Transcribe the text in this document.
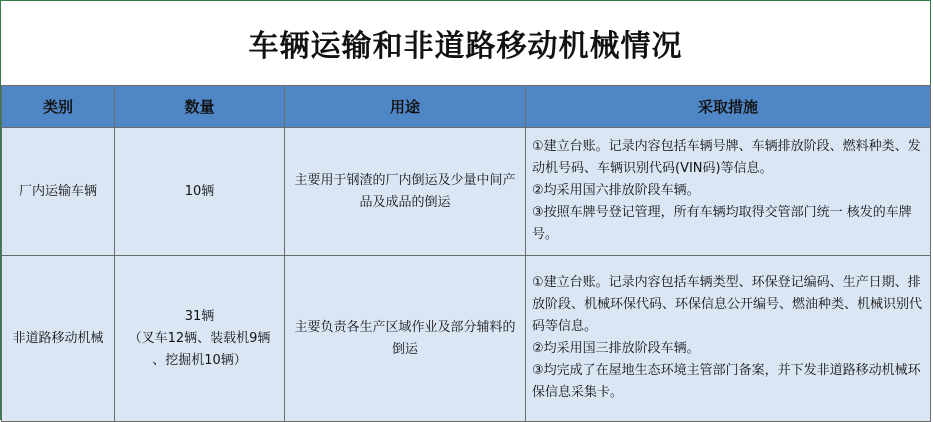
车辆运输和非道路移动机械情况
类别	数量	用途	采取措施
厂内运输车辆	10辆	主要用于钢渣的厂内倒运及少量中间产品及成品的倒运	①建立台账。记录内容包括车辆号牌、车辆排放阶段、燃料种类、发动机号码、车辆识别代码(VIN码)等信息。
②均采用国六排放阶段车辆。
③按照车牌号登记管理，所有车辆均取得交管部门统一 核发的车牌号。

非道路移动机械	31辆
（叉车12辆、装载机9辆
、挖掘机10辆）	主要负责各生产区域作业及部分辅料的倒运	①建立台账。记录内容包括车辆类型、环保登记编码、生产日期、排放阶段、机械环保代码、环保信息公开编号、燃油种类、机械识别代码等信息。
②均采用国三排放阶段车辆。
③均完成了在屋地生态环境主管部门备案，并下发非道路移动机械环保信息采集卡。
